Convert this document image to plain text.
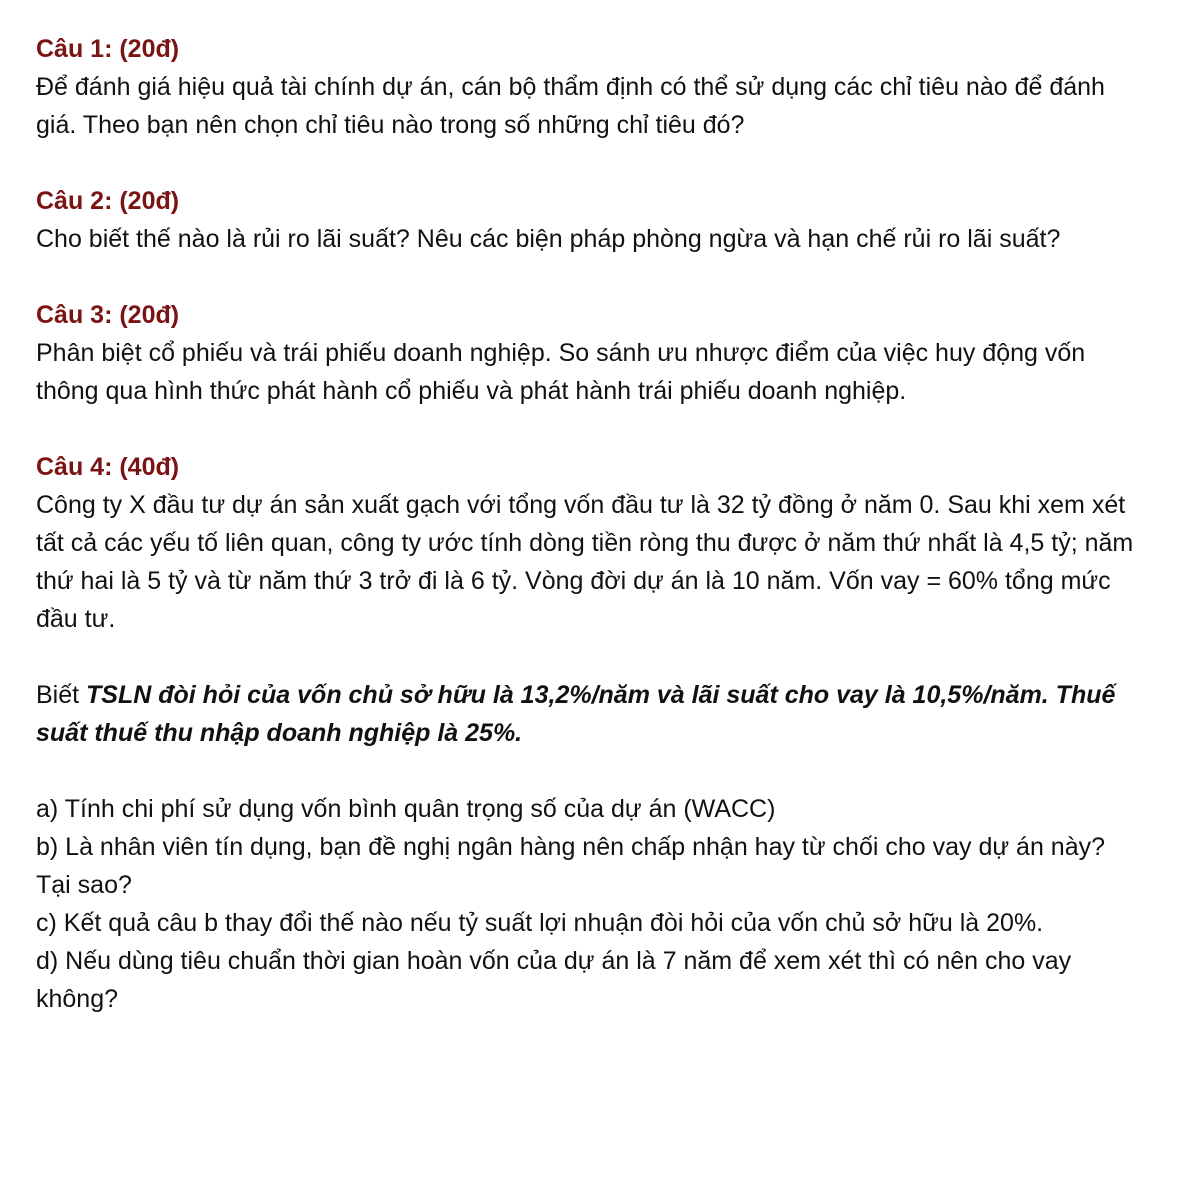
Câu 1: (20đ)

Để đánh giá hiệu quả tài chính dự án, cán bộ thẩm định có thể sử dụng các chỉ tiêu nào để đánh giá. Theo bạn nên chọn chỉ tiêu nào trong số những chỉ tiêu đó?

Câu 2: (20đ)

Cho biết thế nào là rủi ro lãi suất? Nêu các biện pháp phòng ngừa và hạn chế rủi ro lãi suất?

Câu 3: (20đ)

Phân biệt cổ phiếu và trái phiếu doanh nghiệp. So sánh ưu nhược điểm của việc huy động vốn thông qua hình thức phát hành cổ phiếu và phát hành trái phiếu doanh nghiệp.

Câu 4: (40đ)

Công ty X đầu tư dự án sản xuất gạch với tổng vốn đầu tư là 32 tỷ đồng ở năm 0. Sau khi xem xét tất cả các yếu tố liên quan, công ty ước tính dòng tiền ròng thu được ở năm thứ nhất là 4,5 tỷ; năm thứ hai là 5 tỷ và từ năm thứ 3 trở đi là 6 tỷ. Vòng đời dự án là 10 năm. Vốn vay = 60% tổng mức đầu tư.

Biết TSLN đòi hỏi của vốn chủ sở hữu là 13,2%/năm và lãi suất cho vay là 10,5%/năm. Thuế suất thuế thu nhập doanh nghiệp là 25%.

a) Tính chi phí sử dụng vốn bình quân trọng số của dự án (WACC)

b) Là nhân viên tín dụng, bạn đề nghị ngân hàng nên chấp nhận hay từ chối cho vay dự án này? Tại sao?

c) Kết quả câu b thay đổi thế nào nếu tỷ suất lợi nhuận đòi hỏi của vốn chủ sở hữu là 20%.

d) Nếu dùng tiêu chuẩn thời gian hoàn vốn của dự án là 7 năm để xem xét thì có nên cho vay không?
